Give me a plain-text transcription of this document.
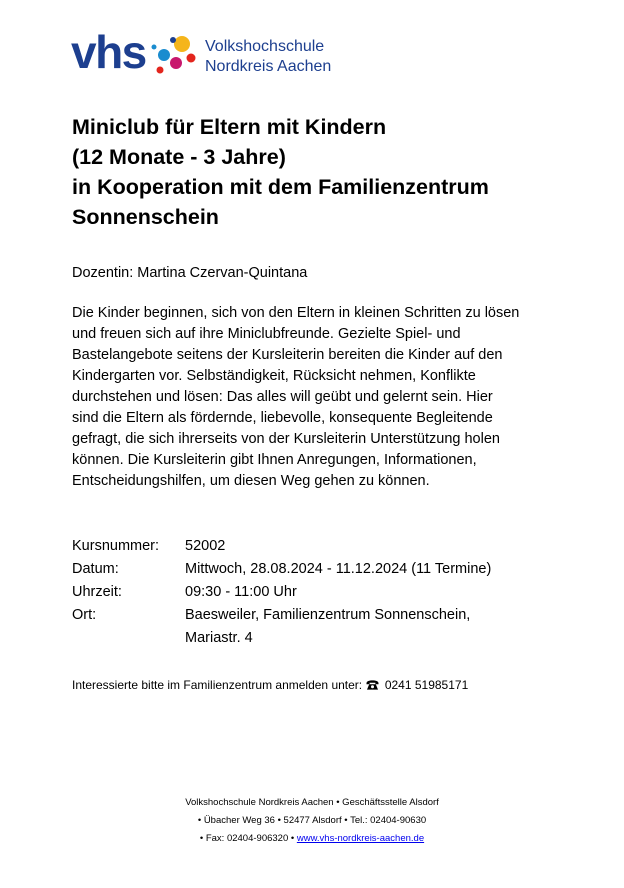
vhs	Volkshochschule
Nordkreis Aachen
Miniclub für Eltern mit Kindern
(12 Monate - 3 Jahre)
in Kooperation mit dem Familienzentrum
Sonnenschein
Dozentin: Martina Czervan-Quintana
Die Kinder beginnen, sich von den Eltern in kleinen Schritten zu lösen
und freuen sich auf ihre Miniclubfreunde. Gezielte Spiel- und
Bastelangebote seitens der Kursleiterin bereiten die Kinder auf den
Kindergarten vor. Selbständigkeit, Rücksicht nehmen, Konflikte
durchstehen und lösen: Das alles will geübt und gelernt sein. Hier
sind die Eltern als fördernde, liebevolle, konsequente Begleitende
gefragt, die sich ihrerseits von der Kursleiterin Unterstützung holen
können. Die Kursleiterin gibt Ihnen Anregungen, Informationen,
Entscheidungshilfen, um diesen Weg gehen zu können.
Kursnummer:	52002
Datum:	Mittwoch, 28.08.2024 - 11.12.2024 (11 Termine)
Uhrzeit:	09:30 - 11:00 Uhr
Ort:	Baesweiler, Familienzentrum Sonnenschein,
Mariastr. 4
Interessierte bitte im Familienzentrum anmelden unter: 0241 51985171
Volkshochschule Nordkreis Aachen • Geschäftsstelle Alsdorf
• Übacher Weg 36 • 52477 Alsdorf • Tel.: 02404-90630
• Fax: 02404-906320 • www.vhs-nordkreis-aachen.de
